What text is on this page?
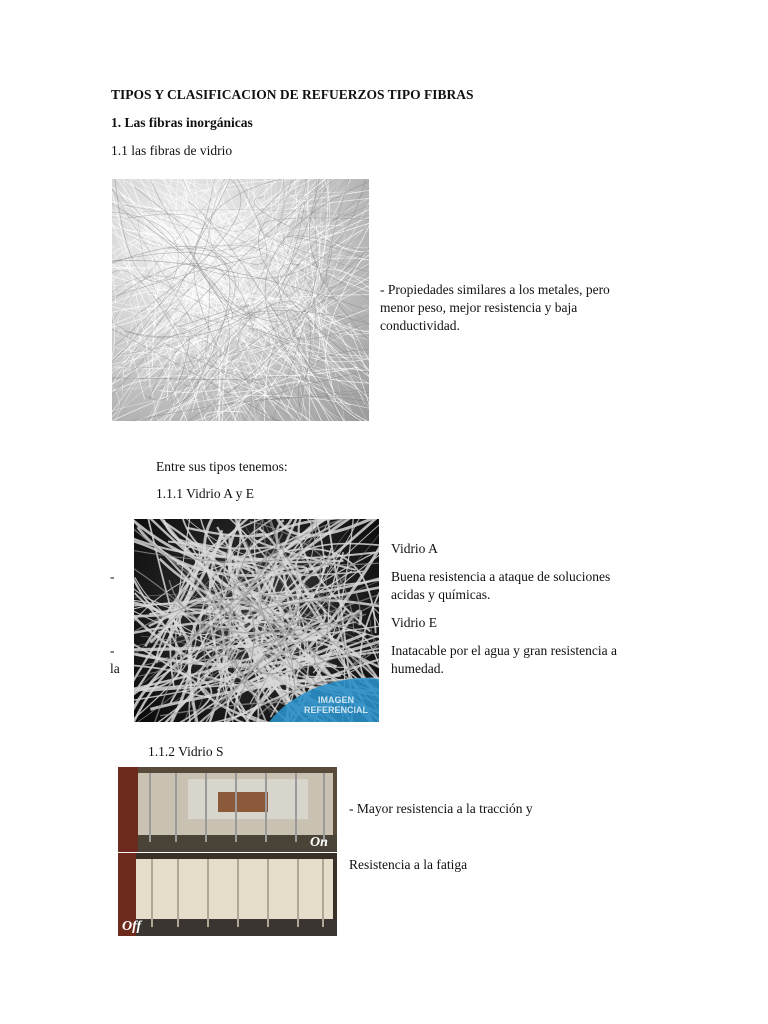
TIPOS Y CLASIFICACION DE REFUERZOS TIPO FIBRAS
1. Las fibras inorgánicas
1.1 las fibras de vidrio
- Propiedades similares a los metales, pero
menor peso, mejor resistencia y baja
conductividad.
Entre sus tipos tenemos:
1.1.1 Vidrio A y E
IMAGEN
REFERENCIAL
Vidrio A
-	Buena resistencia a ataque de soluciones
acidas y químicas.
Vidrio E
-	Inatacable por el agua y gran resistencia a
la	humedad.
1.1.2 Vidrio S
On
Off
- Mayor resistencia a la tracción y
Resistencia a la fatiga
